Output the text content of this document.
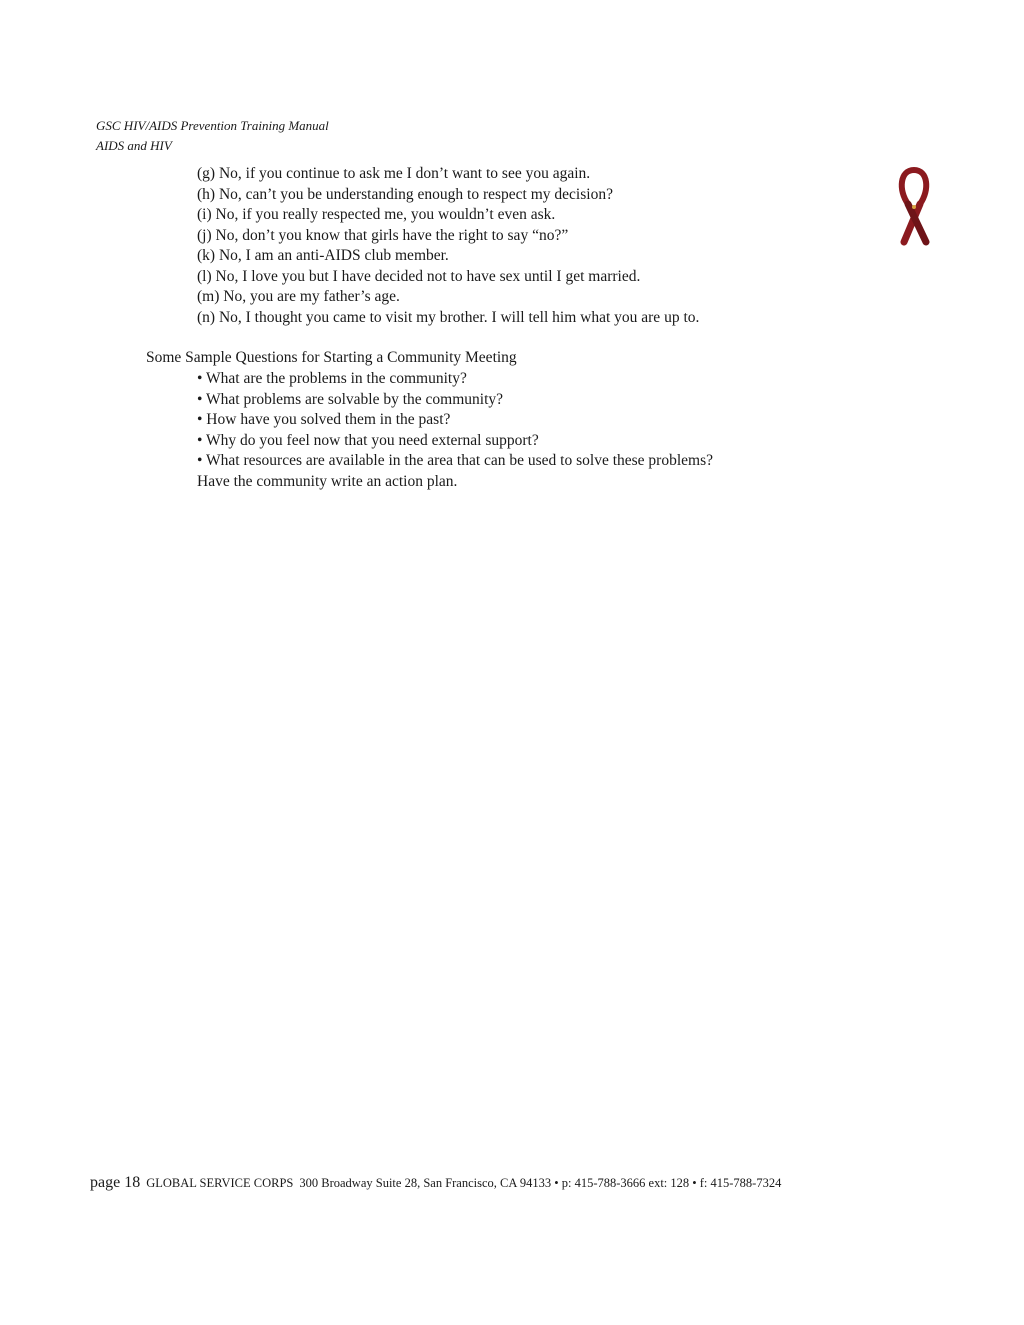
GSC HIV/AIDS Prevention Training Manual
AIDS and HIV
(g) No, if you continue to ask me I don’t want to see you again.
(h) No, can’t you be understanding enough to respect my decision?
(i) No, if you really respected me, you wouldn’t even ask.
(j) No, don’t you know that girls have the right to say “no?”
(k) No, I am an anti-AIDS club member.
(l) No, I love you but I have decided not to have sex until I get married.
(m) No, you are my father’s age.
(n) No, I thought you came to visit my brother. I will tell him what you are up to.
Some Sample Questions for Starting a Community Meeting
• What are the problems in the community?
• What problems are solvable by the community?
• How have you solved them in the past?
• Why do you feel now that you need external support?
• What resources are available in the area that can be used to solve these problems?
Have the community write an action plan.
page 18 GLOBAL SERVICE CORPS 300 Broadway Suite 28, San Francisco, CA 94133 • p: 415-788-3666 ext: 128 • f: 415-788-7324
